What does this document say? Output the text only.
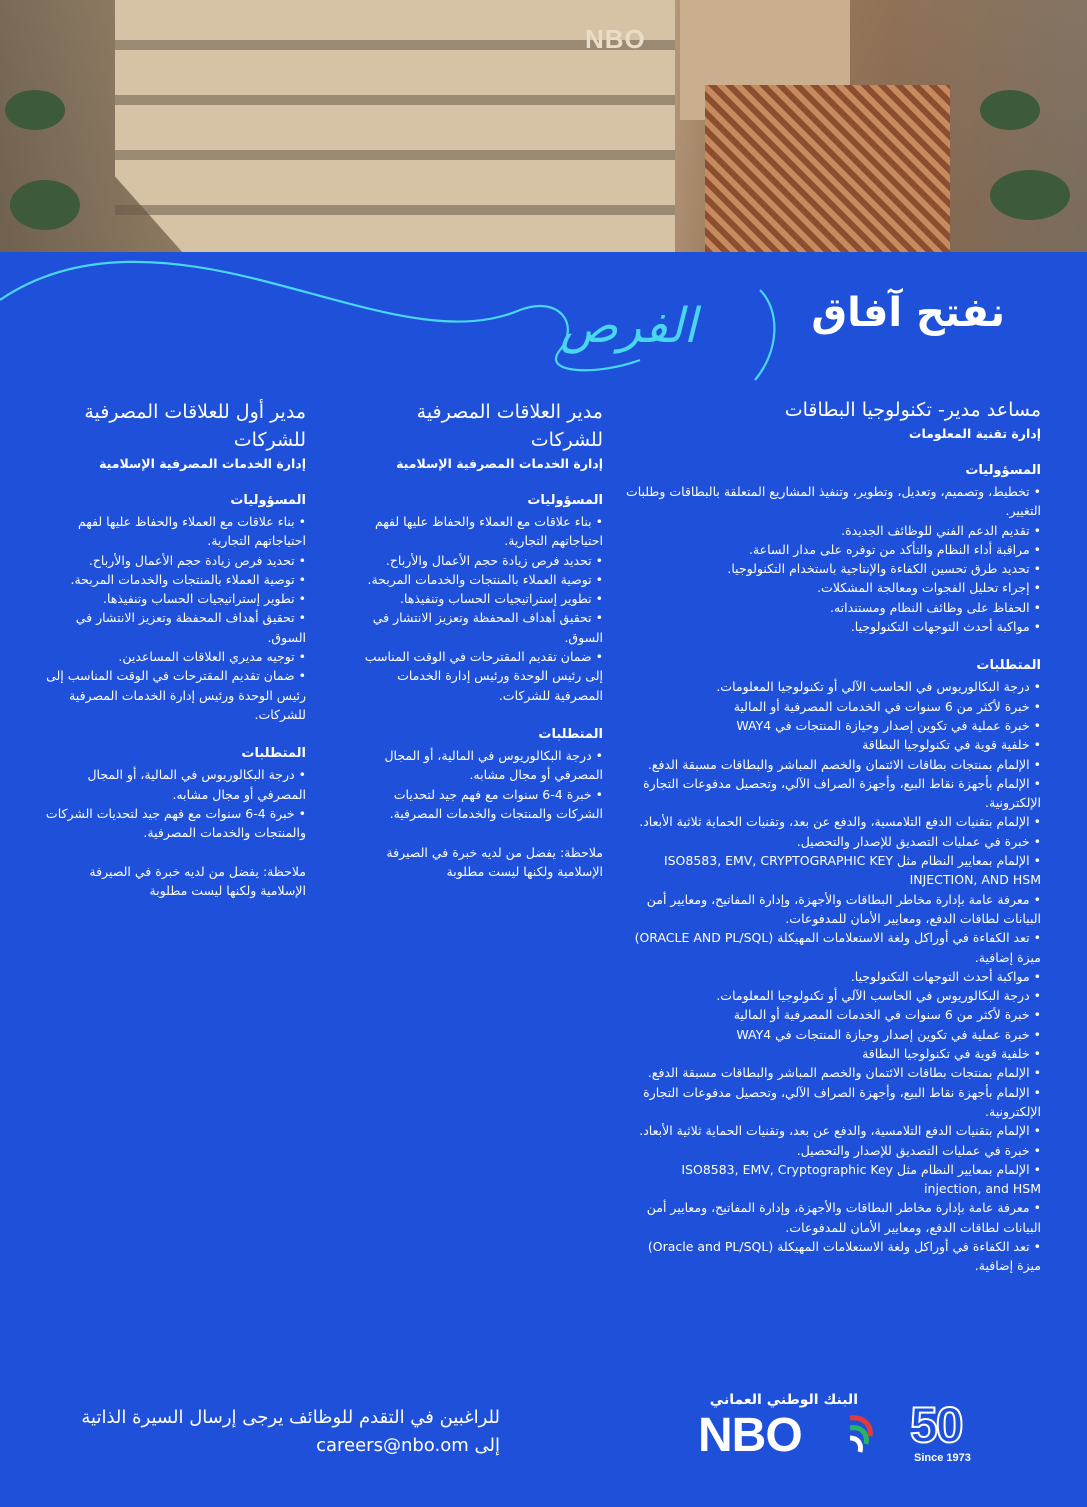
NBO
نفتح آفاق
الفرص
مساعد مدير- تكنولوجيا البطاقات
إدارة تقنية المعلومات
المسؤوليات
• تخطيط، وتصميم، وتعديل، وتطوير، وتنفيذ المشاريع المتعلقة بالبطاقات وطلبات التغيير.
• تقديم الدعم الفني للوظائف الجديدة.
• مراقبة أداء النظام والتأكد من توفره على مدار الساعة.
• تحديد طرق تحسين الكفاءة والإنتاجية باستخدام التكنولوجيا.
• إجراء تحليل الفجوات ومعالجة المشكلات.
• الحفاظ على وظائف النظام ومستنداته.
• مواكبة أحدث التوجهات التكنولوجيا.
المتطلبات
• درجة البكالوريوس في الحاسب الآلي أو تكنولوجيا المعلومات.
• خبرة لأكثر من 6 سنوات في الخدمات المصرفية أو المالية
• خبرة عملية في تكوين إصدار وحيازة المنتجات في WAY4
• خلفية قوية في تكنولوجيا البطاقة
• الإلمام بمنتجات بطاقات الائتمان والخصم المباشر والبطاقات مسبقة الدفع.
• الإلمام بأجهزة نقاط البيع، وأجهزة الصراف الآلي، وتحصيل مدفوعات التجارة الإلكترونية.
• الإلمام بتقنيات الدفع التلامسية، والدفع عن بعد، وتقنيات الحماية ثلاثية الأبعاد.
• خبرة في عمليات التصديق للإصدار والتحصيل.
• الإلمام بمعايير النظام مثل ISO8583, EMV, CRYPTOGRAPHIC KEY INJECTION, AND HSM
• معرفة عامة بإدارة مخاطر البطاقات والأجهزة، وإدارة المفاتيح، ومعايير أمن البيانات لطاقات الدفع، ومعايير الأمان للمدفوعات.
• تعد الكفاءة في أوراكل ولغة الاستعلامات المهيكلة (ORACLE AND PL/SQL) ميزة إضافية.
• مواكبة أحدث التوجهات التكنولوجيا.
• درجة البكالوريوس في الحاسب الآلي أو تكنولوجيا المعلومات.
• خبرة لأكثر من 6 سنوات في الخدمات المصرفية أو المالية
• خبرة عملية في تكوين إصدار وحيازة المنتجات في WAY4
• خلفية قوية في تكنولوجيا البطاقة
• الإلمام بمنتجات بطاقات الائتمان والخصم المباشر والبطاقات مسبقة الدفع.
• الإلمام بأجهزة نقاط البيع، وأجهزة الصراف الآلي، وتحصيل مدفوعات التجارة الإلكترونية.
• الإلمام بتقنيات الدفع التلامسية، والدفع عن بعد، وتقنيات الحماية ثلاثية الأبعاد.
• خبرة في عمليات التصديق للإصدار والتحصيل.
• الإلمام بمعايير النظام مثل ISO8583, EMV, Cryptographic Key injection, and HSM
• معرفة عامة بإدارة مخاطر البطاقات والأجهزة، وإدارة المفاتيح، ومعايير أمن البيانات لطاقات الدفع، ومعايير الأمان للمدفوعات.
• تعد الكفاءة في أوراكل ولغة الاستعلامات المهيكلة (Oracle and PL/SQL) ميزة إضافية.
مدير العلاقات المصرفية للشركات
إدارة الخدمات المصرفية الإسلامية
المسؤوليات
• بناء علاقات مع العملاء والحفاظ عليها لفهم احتياجاتهم التجارية.
• تحديد فرص زيادة حجم الأعمال والأرباح.
• توصية العملاء بالمنتجات والخدمات المربحة.
• تطوير إستراتيجيات الحساب وتنفيذها.
• تحقيق أهداف المحفظة وتعزيز الانتشار في السوق.
• ضمان تقديم المقترحات في الوقت المناسب إلى رئيس الوحدة ورئيس إدارة الخدمات المصرفية للشركات.
المتطلبات
• درجة البكالوريوس في المالية، أو المجال المصرفي أو مجال مشابه.
• خبرة 4-6 سنوات مع فهم جيد لتحديات الشركات والمنتجات والخدمات المصرفية.
ملاحظة: يفضل من لديه خبرة في الصيرفة الإسلامية ولكنها ليست مطلوبة
مدير أول للعلاقات المصرفية للشركات
إدارة الخدمات المصرفية الإسلامية
المسؤوليات
• بناء علاقات مع العملاء والحفاظ عليها لفهم احتياجاتهم التجارية.
• تحديد فرص زيادة حجم الأعمال والأرباح.
• توصية العملاء بالمنتجات والخدمات المربحة.
• تطوير إستراتيجيات الحساب وتنفيذها.
• تحقيق أهداف المحفظة وتعزيز الانتشار في السوق.
• توجيه مديري العلاقات المساعدين.
• ضمان تقديم المقترحات في الوقت المناسب إلى رئيس الوحدة ورئيس إدارة الخدمات المصرفية للشركات.
المتطلبات
• درجة البكالوريوس في المالية، أو المجال المصرفي أو مجال مشابه.
• خبرة 4-6 سنوات مع فهم جيد لتحديات الشركات والمنتجات والخدمات المصرفية.
ملاحظة: يفضل من لديه خبرة في الصيرفة الإسلامية ولكنها ليست مطلوبة
للراغبين في التقدم للوظائف يرجى إرسال السيرة الذاتية إلى careers@nbo.om
البنك الوطني العماني
NBO 50
Since 1973
